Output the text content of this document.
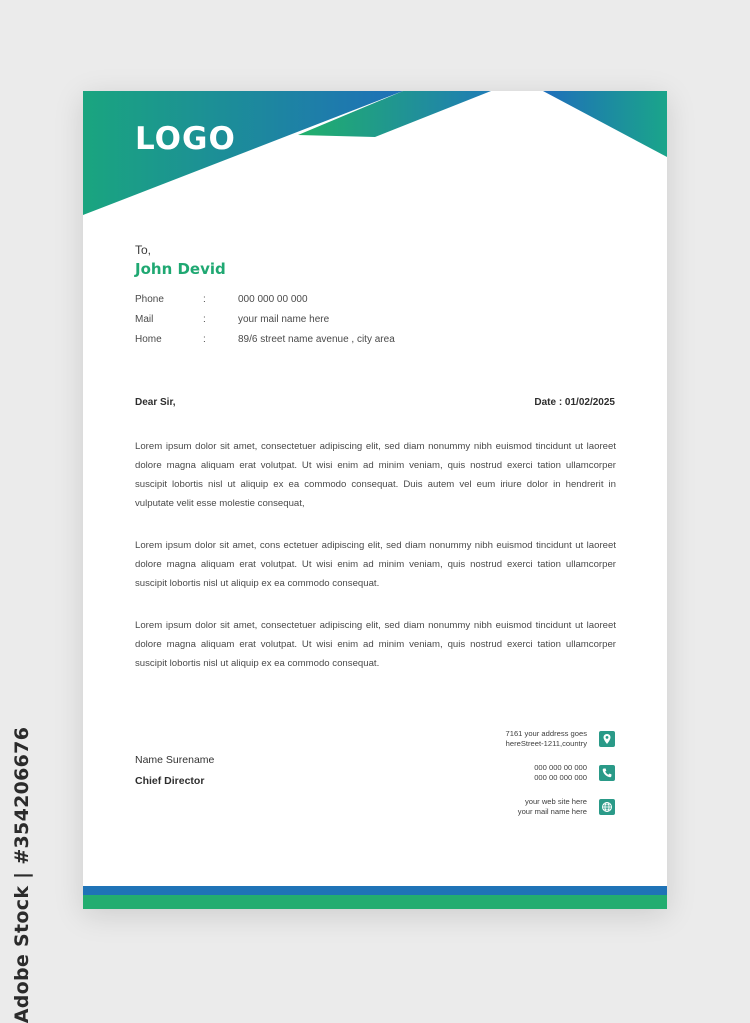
Adobe Stock | #354206676
LOGO
To,
John Devid
Phone	:	000 000 00 000
Mail	:	your mail name here
Home	:	89/6 street name avenue , city area
Dear Sir,	Date : 01/02/2025

Lorem ipsum dolor sit amet, consectetuer adipiscing elit, sed diam nonummy nibh euismod tincidunt ut laoreet dolore magna aliquam erat volutpat. Ut wisi enim ad minim veniam, quis nostrud exerci tation ullamcorper suscipit lobortis nisl ut aliquip ex ea commodo consequat. Duis autem vel eum iriure dolor in hendrerit in vulputate velit esse molestie consequat,

Lorem ipsum dolor sit amet, cons ectetuer adipiscing elit, sed diam nonummy nibh euismod tincidunt ut laoreet dolore magna aliquam erat volutpat. Ut wisi enim ad minim veniam, quis nostrud exerci tation ullamcorper suscipit lobortis nisl ut aliquip ex ea commodo consequat.

Lorem ipsum dolor sit amet, consectetuer adipiscing elit, sed diam nonummy nibh euismod tincidunt ut laoreet dolore magna aliquam erat volutpat. Ut wisi enim ad minim veniam, quis nostrud exerci tation ullamcorper suscipit lobortis nisl ut aliquip ex ea commodo consequat.

Name Surename
Chief Director
7161 your address goes
hereStreet-1211,country
000 000 00 000
000 00 000 000
your web site here
your mail name here
